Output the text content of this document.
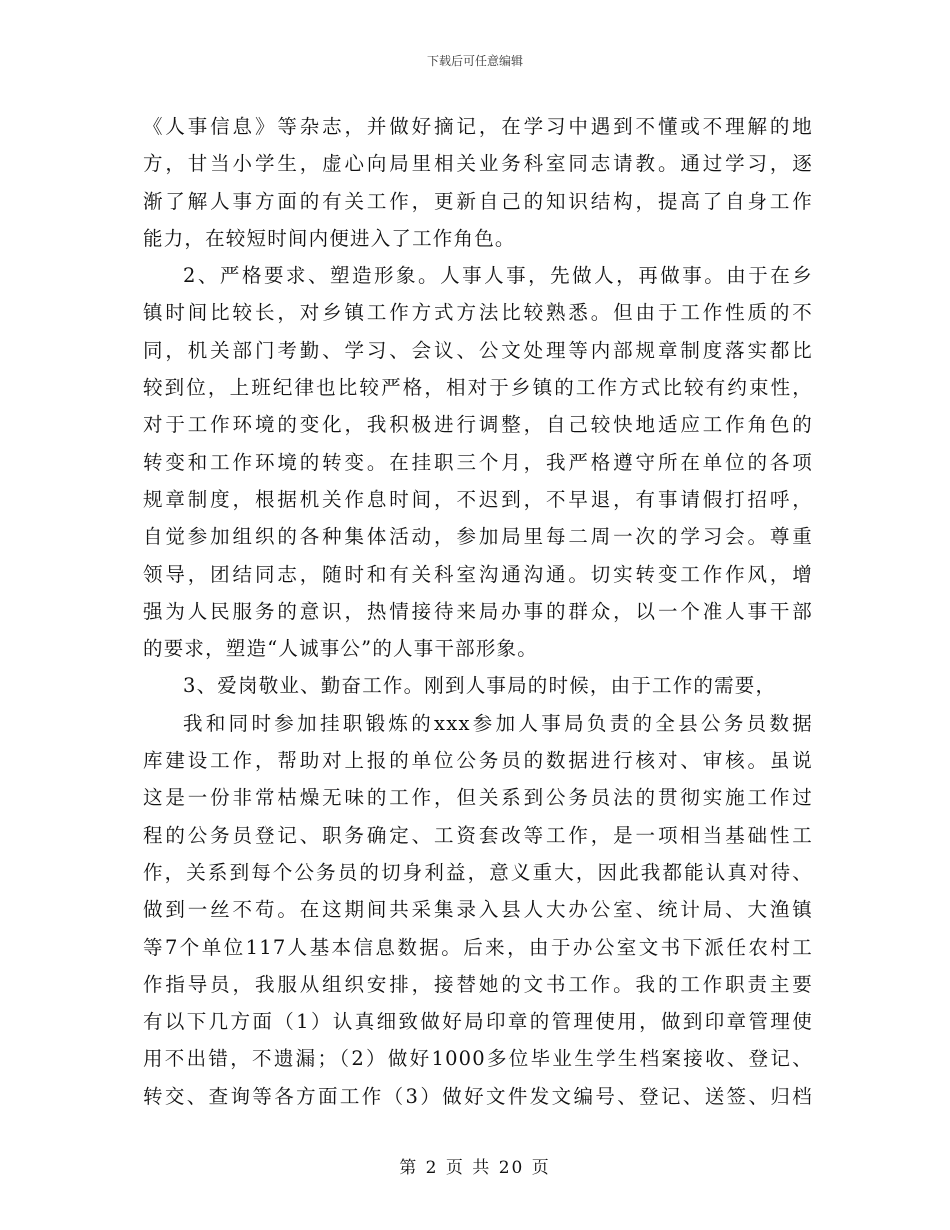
下载后可任意编辑
《人事信息》等杂志，并做好摘记，在学习中遇到不懂或不理解的地
方，甘当小学生，虚心向局里相关业务科室同志请教。通过学习，逐
渐了解人事方面的有关工作，更新自己的知识结构，提高了自身工作
能力，在较短时间内便进入了工作角色。
2、严格要求、塑造形象。人事人事，先做人，再做事。由于在乡
镇时间比较长，对乡镇工作方式方法比较熟悉。但由于工作性质的不
同，机关部门考勤、学习、会议、公文处理等内部规章制度落实都比
较到位，上班纪律也比较严格，相对于乡镇的工作方式比较有约束性，
对于工作环境的变化，我积极进行调整，自己较快地适应工作角色的
转变和工作环境的转变。在挂职三个月，我严格遵守所在单位的各项
规章制度，根据机关作息时间，不迟到，不早退，有事请假打招呼，
自觉参加组织的各种集体活动，参加局里每二周一次的学习会。尊重
领导，团结同志，随时和有关科室沟通沟通。切实转变工作作风，增
强为人民服务的意识，热情接待来局办事的群众，以一个准人事干部
的要求，塑造“人诚事公”的人事干部形象。
3、爱岗敬业、勤奋工作。刚到人事局的时候，由于工作的需要，
我和同时参加挂职锻炼的xxx参加人事局负责的全县公务员数据
库建设工作，帮助对上报的单位公务员的数据进行核对、审核。虽说
这是一份非常枯燥无味的工作，但关系到公务员法的贯彻实施工作过
程的公务员登记、职务确定、工资套改等工作，是一项相当基础性工
作，关系到每个公务员的切身利益，意义重大，因此我都能认真对待、
做到一丝不苟。在这期间共采集录入县人大办公室、统计局、大渔镇
等7个单位117人基本信息数据。后来，由于办公室文书下派任农村工
作指导员，我服从组织安排，接替她的文书工作。我的工作职责主要
有以下几方面（1）认真细致做好局印章的管理使用，做到印章管理使
用不出错，不遗漏；（2）做好1000多位毕业生学生档案接收、登记、
转交、查询等各方面工作（3）做好文件发文编号、登记、送签、归档
第 2 页 共 20 页
